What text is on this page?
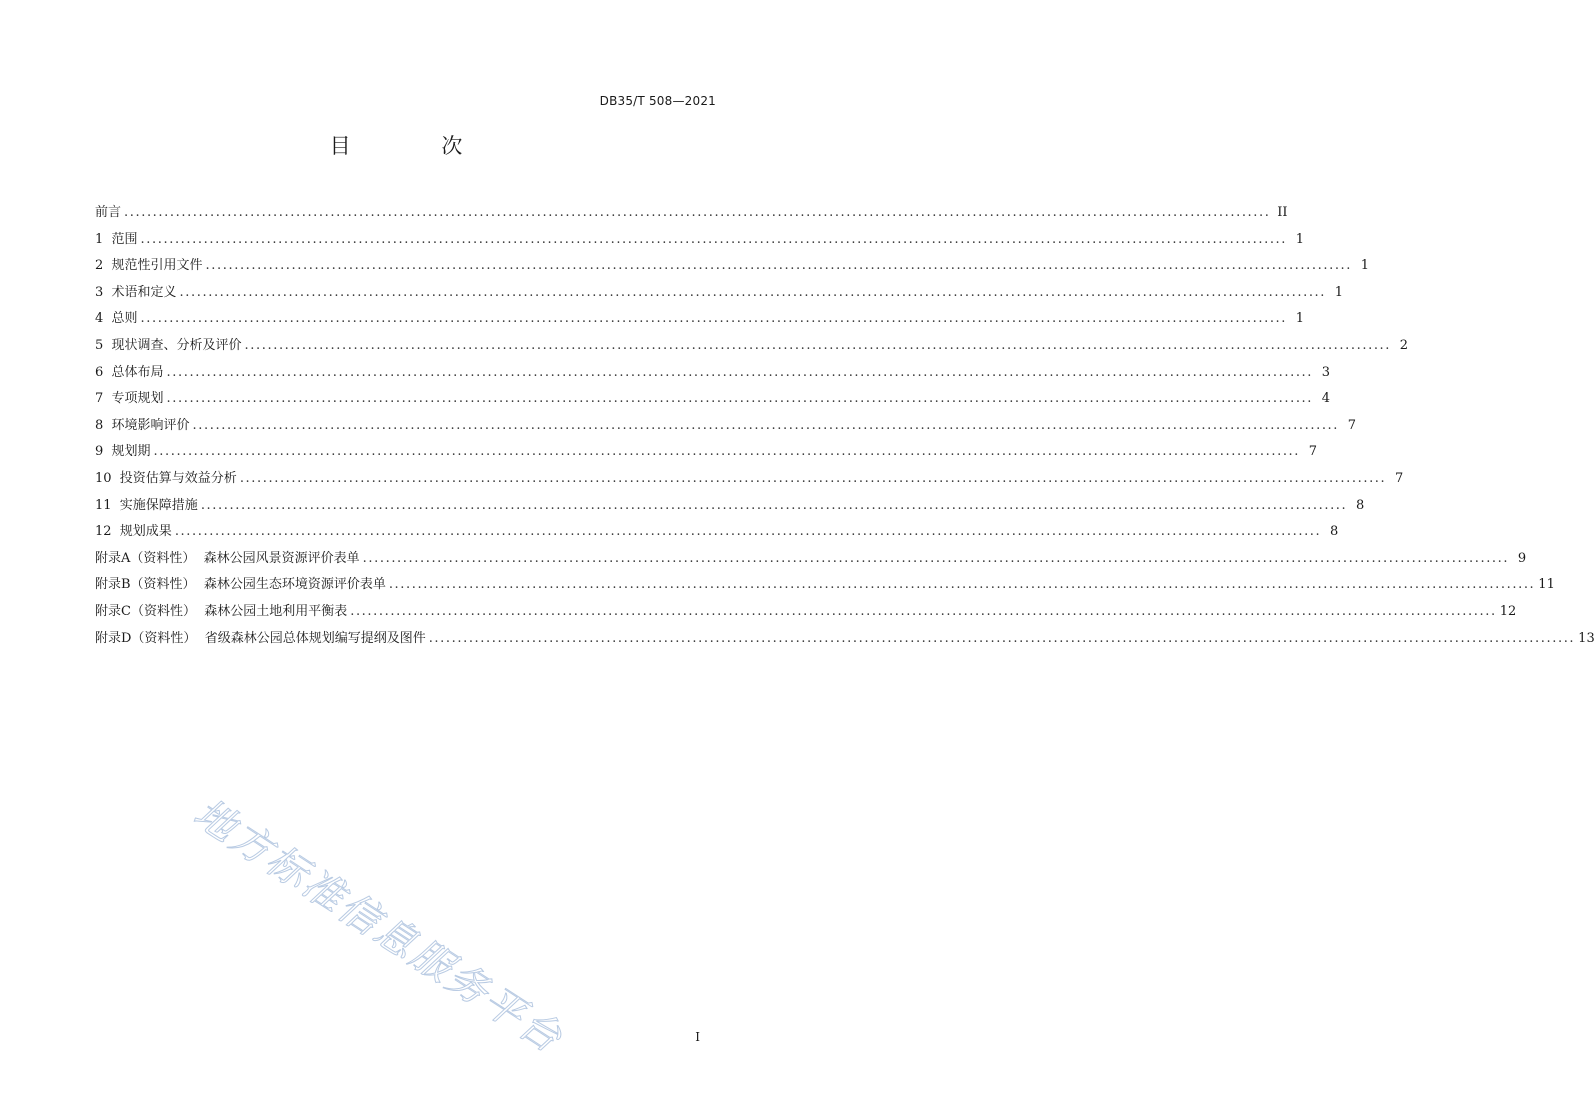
DB35/T 508—2021
目 次
前言 ........................................................................................................................................................................................................ II
1  范围 ........................................................................................................................................................................................................ 1
2  规范性引用文件 ........................................................................................................................................................................................................ 1
3  术语和定义 ........................................................................................................................................................................................................ 1
4  总则 ........................................................................................................................................................................................................ 1
5  现状调查、分析及评价 ........................................................................................................................................................................................................ 2
6  总体布局 ........................................................................................................................................................................................................ 3
7  专项规划 ........................................................................................................................................................................................................ 4
8  环境影响评价 ........................................................................................................................................................................................................ 7
9  规划期 ........................................................................................................................................................................................................ 7
10  投资估算与效益分析 ........................................................................................................................................................................................................ 7
11  实施保障措施 ........................................................................................................................................................................................................ 8
12  规划成果 ........................................................................................................................................................................................................ 8
附录A（资料性）  森林公园风景资源评价表单 ........................................................................................................................................................................................................ 9
附录B（资料性）  森林公园生态环境资源评价表单 ........................................................................................................................................................................................................ 11
附录C（资料性）  森林公园土地利用平衡表 ........................................................................................................................................................................................................ 12
附录D（资料性）  省级森林公园总体规划编写提纲及图件 ........................................................................................................................................................................................................ 13
地方标准信息服务平台	I
